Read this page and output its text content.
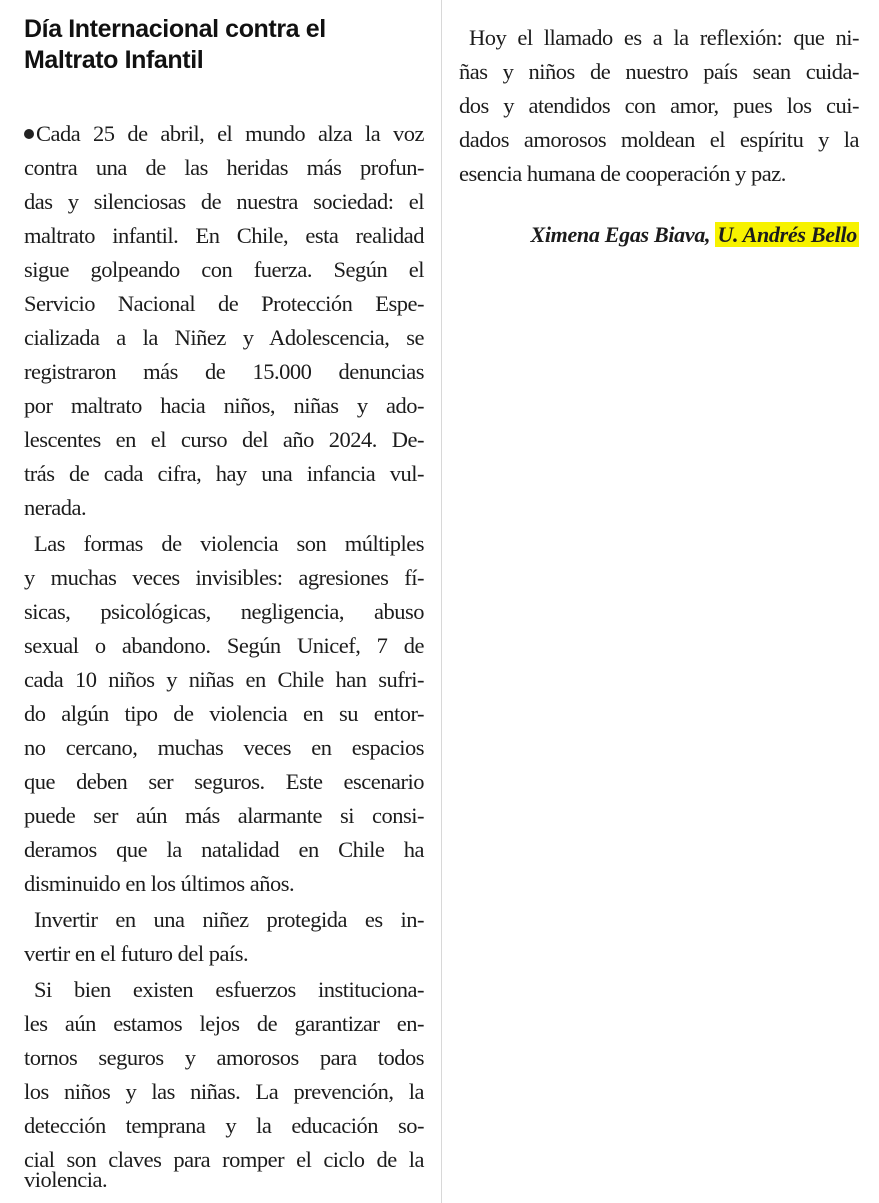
Día Internacional contra el
Maltrato Infantil
Cada 25 de abril, el mundo alza la voz
contra una de las heridas más profun-
das y silenciosas de nuestra sociedad: el
maltrato infantil. En Chile, esta realidad
sigue golpeando con fuerza. Según el
Servicio Nacional de Protección Espe-
cializada a la Niñez y Adolescencia, se
registraron más de 15.000 denuncias
por maltrato hacia niños, niñas y ado-
lescentes en el curso del año 2024. De-
trás de cada cifra, hay una infancia vul-
nerada.
Las formas de violencia son múltiples
y muchas veces invisibles: agresiones fí-
sicas, psicológicas, negligencia, abuso
sexual o abandono. Según Unicef, 7 de
cada 10 niños y niñas en Chile han sufri-
do algún tipo de violencia en su entor-
no cercano, muchas veces en espacios
que deben ser seguros. Este escenario
puede ser aún más alarmante si consi-
deramos que la natalidad en Chile ha
disminuido en los últimos años.
Invertir en una niñez protegida es in-
vertir en el futuro del país.
Si bien existen esfuerzos instituciona-
les aún estamos lejos de garantizar en-
tornos seguros y amorosos para todos
los niños y las niñas. La prevención, la
detección temprana y la educación so-
cial son claves para romper el ciclo de la
Hoy el llamado es a la reflexión: que ni-
ñas y niños de nuestro país sean cuida-
dos y atendidos con amor, pues los cui-
dados amorosos moldean el espíritu y la
esencia humana de cooperación y paz.
Ximena Egas Biava, U. Andrés Bello
violencia.
